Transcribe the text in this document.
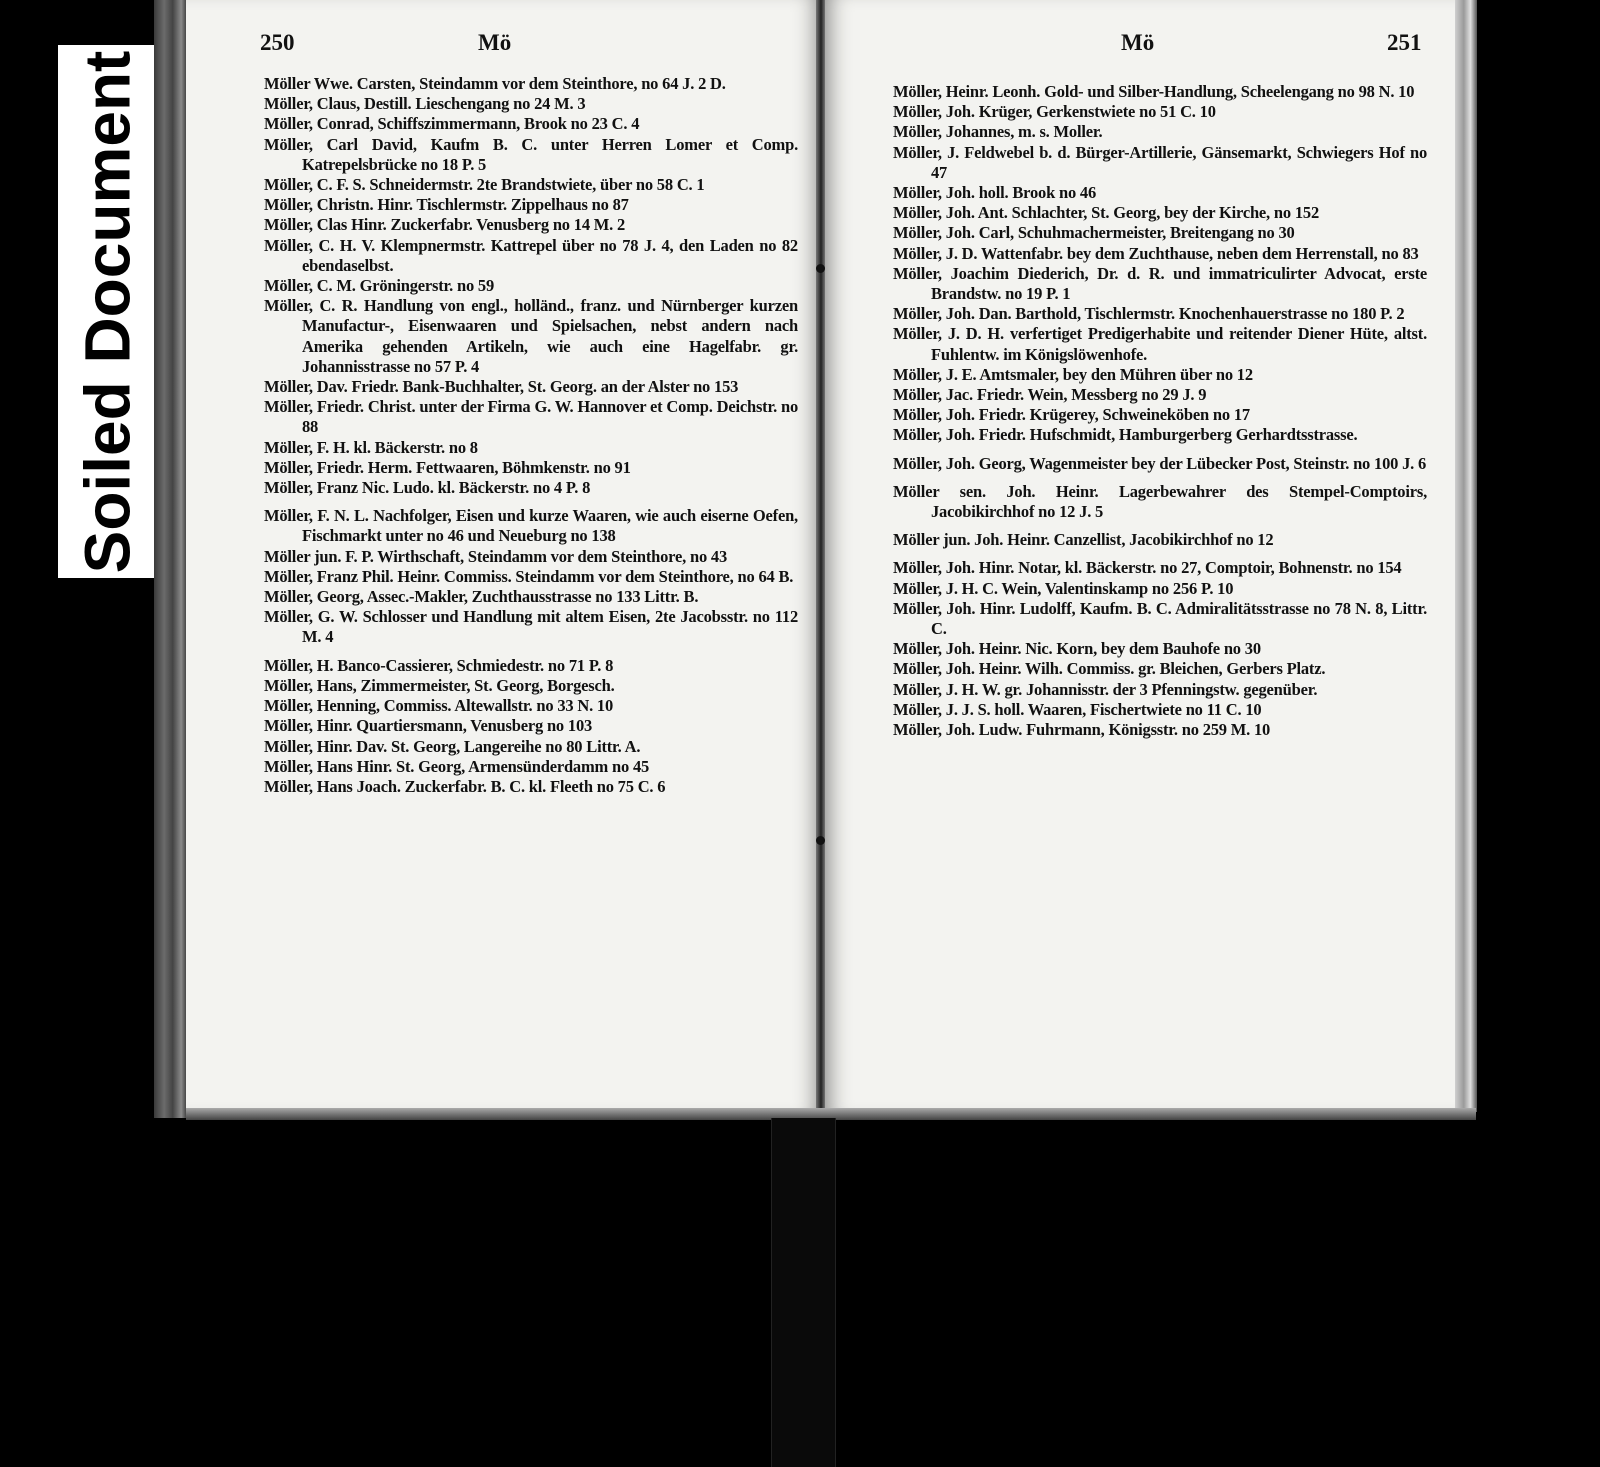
Soiled Document
250	Mö

Möller Wwe. Carsten, Steindamm vor dem Steinthore, no 64 J. 2 D.

Möller, Claus, Destill. Lieschengang no 24 M. 3

Möller, Conrad, Schiffszimmermann, Brook no 23 C. 4

Möller, Carl David, Kaufm B. C. unter Herren Lomer et Comp. Katrepelsbrücke no 18 P. 5

Möller, C. F. S. Schneidermstr. 2te Brandstwiete, über no 58 C. 1

Möller, Christn. Hinr. Tischlermstr. Zippelhaus no 87

Möller, Clas Hinr. Zuckerfabr. Venusberg no 14 M. 2

Möller, C. H. V. Klempnermstr. Kattrepel über no 78 J. 4, den Laden no 82 ebendaselbst.

Möller, C. M. Gröningerstr. no 59

Möller, C. R. Handlung von engl., holländ., franz. und Nürnberger kurzen Manufactur-, Eisenwaaren und Spielsachen, nebst andern nach Amerika gehenden Artikeln, wie auch eine Hagelfabr. gr. Johannisstrasse no 57 P. 4

Möller, Dav. Friedr. Bank-Buchhalter, St. Georg. an der Alster no 153

Möller, Friedr. Christ. unter der Firma G. W. Hannover et Comp. Deichstr. no 88

Möller, F. H. kl. Bäckerstr. no 8

Möller, Friedr. Herm. Fettwaaren, Böhmkenstr. no 91

Möller, Franz Nic. Ludo. kl. Bäckerstr. no 4 P. 8

Möller, F. N. L. Nachfolger, Eisen und kurze Waaren, wie auch eiserne Oefen, Fischmarkt unter no 46 und Neueburg no 138

Möller jun. F. P. Wirthschaft, Steindamm vor dem Steinthore, no 43

Möller, Franz Phil. Heinr. Commiss. Steindamm vor dem Steinthore, no 64 B.

Möller, Georg, Assec.-Makler, Zuchthausstrasse no 133 Littr. B.

Möller, G. W. Schlosser und Handlung mit altem Eisen, 2te Jacobsstr. no 112 M. 4

Möller, H. Banco-Cassierer, Schmiedestr. no 71 P. 8

Möller, Hans, Zimmermeister, St. Georg, Borgesch.

Möller, Henning, Commiss. Altewallstr. no 33 N. 10

Möller, Hinr. Quartiersmann, Venusberg no 103

Möller, Hinr. Dav. St. Georg, Langereihe no 80 Littr. A.

Möller, Hans Hinr. St. Georg, Armensünderdamm no 45

Möller, Hans Joach. Zuckerfabr. B. C. kl. Fleeth no 75 C. 6

Mö	251

Möller, Heinr. Leonh. Gold- und Silber-Handlung, Scheelengang no 98 N. 10

Möller, Joh. Krüger, Gerkenstwiete no 51 C. 10

Möller, Johannes, m. s. Moller.

Möller, J. Feldwebel b. d. Bürger-Artillerie, Gänsemarkt, Schwiegers Hof no 47

Möller, Joh. holl. Brook no 46

Möller, Joh. Ant. Schlachter, St. Georg, bey der Kirche, no 152

Möller, Joh. Carl, Schuhmachermeister, Breitengang no 30

Möller, J. D. Wattenfabr. bey dem Zuchthause, neben dem Herrenstall, no 83

Möller, Joachim Diederich, Dr. d. R. und immatriculirter Advocat, erste Brandstw. no 19 P. 1

Möller, Joh. Dan. Barthold, Tischlermstr. Knochenhauerstrasse no 180 P. 2

Möller, J. D. H. verfertiget Predigerhabite und reitender Diener Hüte, altst. Fuhlentw. im Königslöwenhofe.

Möller, J. E. Amtsmaler, bey den Mühren über no 12

Möller, Jac. Friedr. Wein, Messberg no 29 J. 9

Möller, Joh. Friedr. Krügerey, Schweineköben no 17

Möller, Joh. Friedr. Hufschmidt, Hamburgerberg Gerhardtsstrasse.

Möller, Joh. Georg, Wagenmeister bey der Lübecker Post, Steinstr. no 100 J. 6

Möller sen. Joh. Heinr. Lagerbewahrer des Stempel-Comptoirs, Jacobikirchhof no 12 J. 5

Möller jun. Joh. Heinr. Canzellist, Jacobikirchhof no 12

Möller, Joh. Hinr. Notar, kl. Bäckerstr. no 27, Comptoir, Bohnenstr. no 154

Möller, J. H. C. Wein, Valentinskamp no 256 P. 10

Möller, Joh. Hinr. Ludolff, Kaufm. B. C. Admiralitätsstrasse no 78 N. 8, Littr. C.

Möller, Joh. Heinr. Nic. Korn, bey dem Bauhofe no 30

Möller, Joh. Heinr. Wilh. Commiss. gr. Bleichen, Gerbers Platz.

Möller, J. H. W. gr. Johannisstr. der 3 Pfenningstw. gegenüber.

Möller, J. J. S. holl. Waaren, Fischertwiete no 11 C. 10

Möller, Joh. Ludw. Fuhrmann, Königsstr. no 259 M. 10
